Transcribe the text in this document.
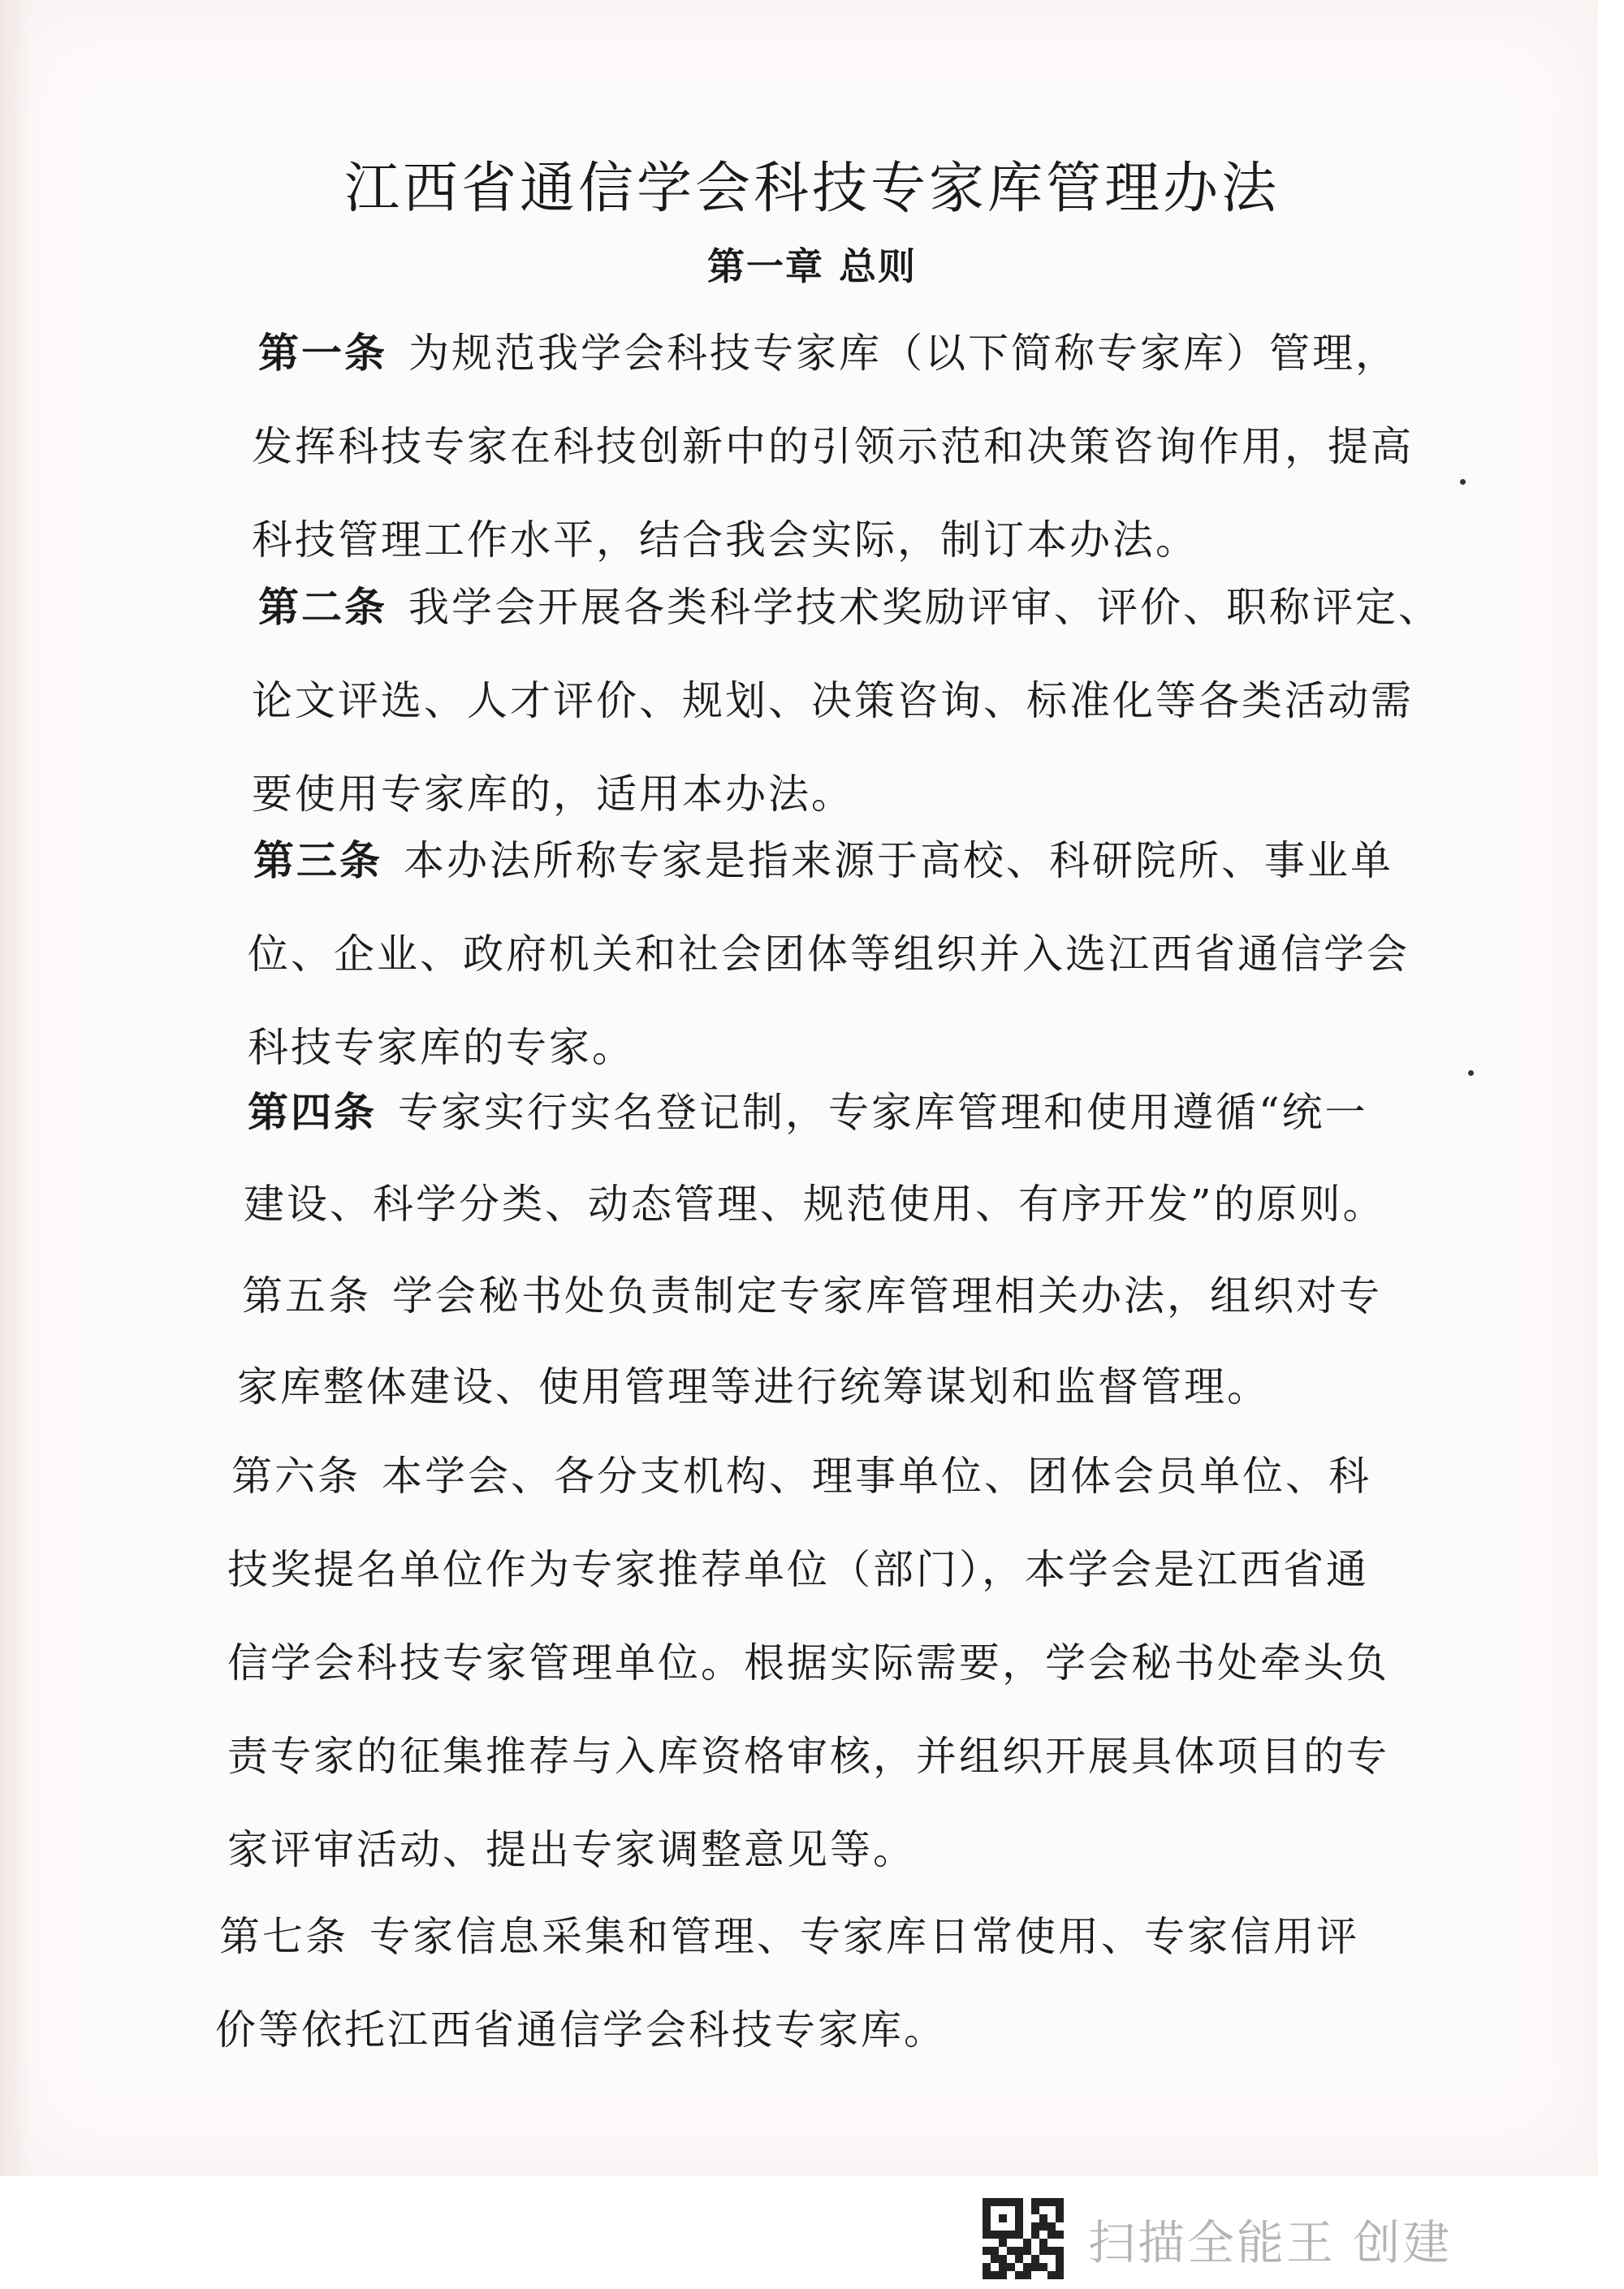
江西省通信学会科技专家库管理办法
第一章 总则
第一条 为规范我学会科技专家库（以下简称专家库）管理，
发挥科技专家在科技创新中的引领示范和决策咨询作用，提高
科技管理工作水平，结合我会实际，制订本办法。
第二条 我学会开展各类科学技术奖励评审、评价、职称评定、
论文评选、人才评价、规划、决策咨询、标准化等各类活动需
要使用专家库的，适用本办法。
第三条 本办法所称专家是指来源于高校、科研院所、事业单
位、企业、政府机关和社会团体等组织并入选江西省通信学会
科技专家库的专家。
第四条 专家实行实名登记制，专家库管理和使用遵循“统一
建设、科学分类、动态管理、规范使用、有序开发”的原则。
第五条 学会秘书处负责制定专家库管理相关办法，组织对专
家库整体建设、使用管理等进行统筹谋划和监督管理。
第六条 本学会、各分支机构、理事单位、团体会员单位、科
技奖提名单位作为专家推荐单位（部门），本学会是江西省通
信学会科技专家管理单位。根据实际需要，学会秘书处牵头负
责专家的征集推荐与入库资格审核，并组织开展具体项目的专
家评审活动、提出专家调整意见等。
第七条 专家信息采集和管理、专家库日常使用、专家信用评
价等依托江西省通信学会科技专家库。
扫描全能王 创建
